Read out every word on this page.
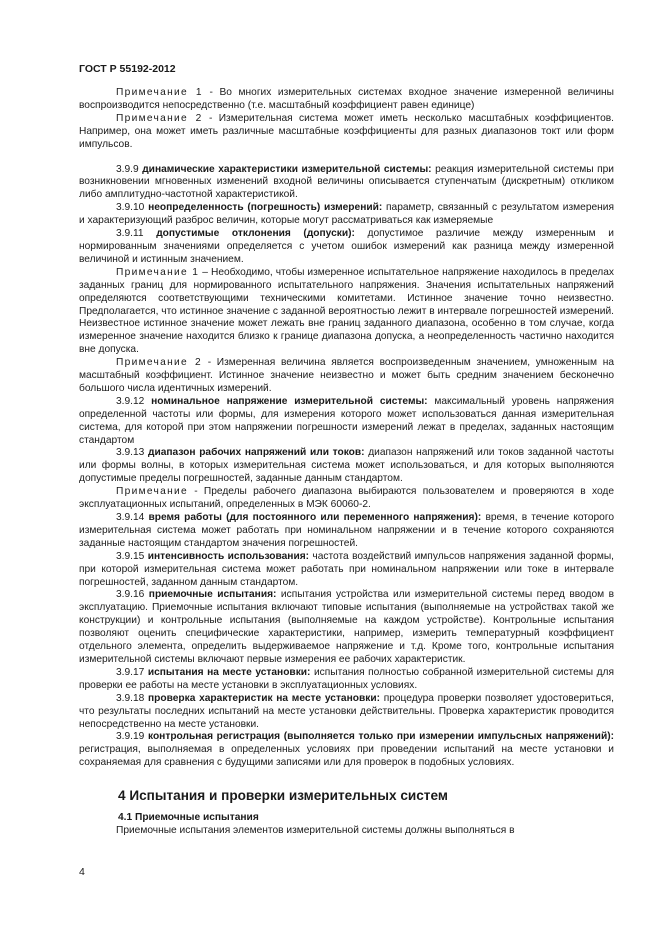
ГОСТ Р 55192-2012

Примечание 1 - Во многих измерительных системах входное значение измеренной величины воспроизводится непосредственно (т.е. масштабный коэффициент равен единице)

Примечание 2 - Измерительная система может иметь несколько масштабных коэффициентов. Например, она может иметь различные масштабные коэффициенты для разных диапазонов токт или форм импульсов.

3.9.9 динамические характеристики измерительной системы: реакция измерительной системы при возникновении мгновенных изменений входной величины описывается ступенчатым (дискретным) откликом либо амплитудно-частотной характеристикой.

3.9.10 неопределенность (погрешность) измерений: параметр, связанный с результатом измерения и характеризующий разброс величин, которые могут рассматриваться как измеряемые

3.9.11 допустимые отклонения (допуски): допустимое различие между измеренным и нормированным значениями определяется с учетом ошибок измерений как разница между измеренной величиной и истинным значением.

Примечание 1 – Необходимо, чтобы измеренное испытательное напряжение находилось в пределах заданных границ для нормированного испытательного напряжения. Значения испытательных напряжений определяются соответствующими техническими комитетами. Истинное значение точно неизвестно. Предполагается, что истинное значение с заданной вероятностью лежит в интервале погрешностей измерений. Неизвестное истинное значение может лежать вне границ заданного диапазона, особенно в том случае, когда измеренное значение находится близко к границе диапазона допуска, а неопределенность частично находится вне допуска.

Примечание 2 - Измеренная величина является воспроизведенным значением, умноженным на масштабный коэффициент. Истинное значение неизвестно и может быть средним значением бесконечно большого числа идентичных измерений.

3.9.12 номинальное напряжение измерительной системы: максимальный уровень напряжения определенной частоты или формы, для измерения которого может использоваться данная измерительная система, для которой при этом напряжении погрешности измерений лежат в пределах, заданных настоящим стандартом

3.9.13 диапазон рабочих напряжений или токов: диапазон напряжений или токов заданной частоты или формы волны, в которых измерительная система может использоваться, и для которых выполняются допустимые пределы погрешностей, заданные данным стандартом.

Примечание - Пределы рабочего диапазона выбираются пользователем и проверяются в ходе эксплуатационных испытаний, определенных в МЭК 60060-2.

3.9.14 время работы (для постоянного или переменного напряжения): время, в течение которого измерительная система может работать при номинальном напряжении и в течение которого сохраняются заданные настоящим стандартом значения погрешностей.

3.9.15 интенсивность использования: частота воздействий импульсов напряжения заданной формы, при которой измерительная система может работать при номинальном напряжении или токе в интервале погрешностей, заданном данным стандартом.

3.9.16 приемочные испытания: испытания устройства или измерительной системы перед вводом в эксплуатацию. Приемочные испытания включают типовые испытания (выполняемые на устройствах такой же конструкции) и контрольные испытания (выполняемые на каждом устройстве). Контрольные испытания позволяют оценить специфические характеристики, например, измерить температурный коэффициент отдельного элемента, определить выдерживаемое напряжение и т.д. Кроме того, контрольные испытания измерительной системы включают первые измерения ее рабочих характеристик.

3.9.17 испытания на месте установки: испытания полностью собранной измерительной системы для проверки ее работы на месте установки в эксплуатационных условиях.

3.9.18 проверка характеристик на месте установки: процедура проверки позволяет удостовериться, что результаты последних испытаний на месте установки действительны. Проверка характеристик проводится непосредственно на месте установки.

3.9.19 контрольная регистрация (выполняется только при измерении импульсных напряжений): регистрация, выполняемая в определенных условиях при проведении испытаний на месте установки и сохраняемая для сравнения с будущими записями или для проверок в подобных условиях.

4 Испытания и проверки измерительных систем
4.1 Приемочные испытания

Приемочные испытания элементов измерительной системы должны выполняться в

4
